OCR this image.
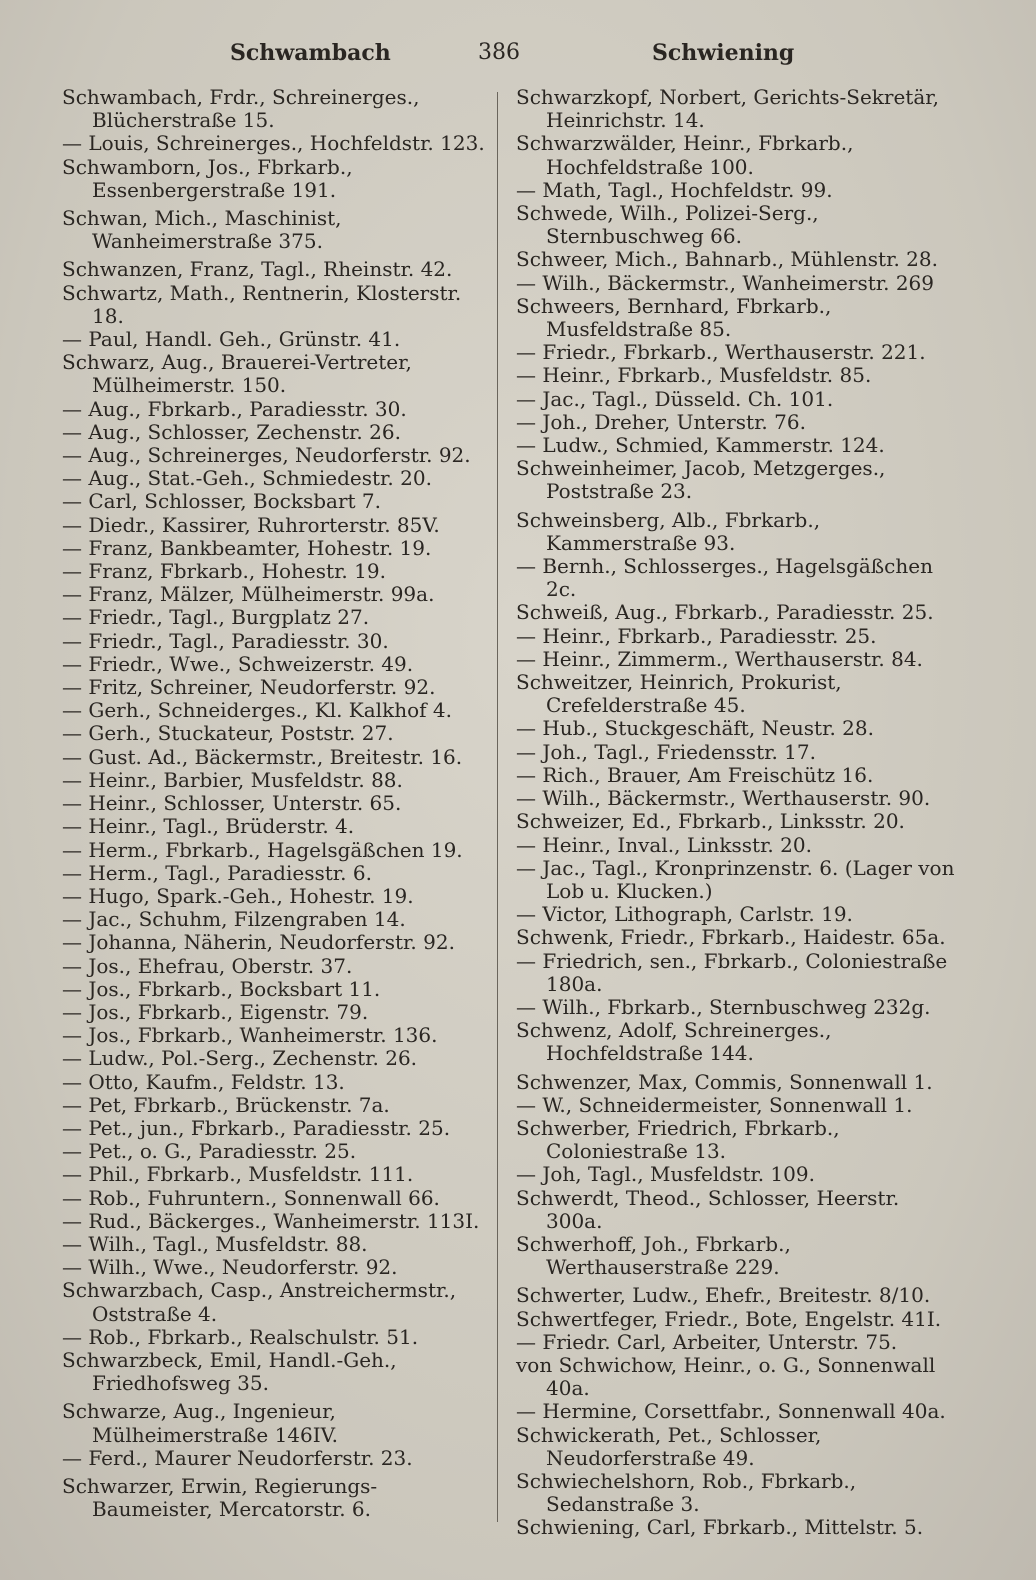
Schwambach	386	Schwiening

Schwambach, Frdr., Schreinerges., Blücherstraße 15.

— Louis, Schreinerges., Hochfeldstr. 123.

Schwamborn, Jos., Fbrkarb., Essenbergerstraße 191.

Schwan, Mich., Maschinist, Wanheimerstraße 375.

Schwanzen, Franz, Tagl., Rheinstr. 42.

Schwartz, Math., Rentnerin, Klosterstr. 18.

— Paul, Handl. Geh., Grünstr. 41.

Schwarz, Aug., Brauerei-Vertreter, Mülheimerstr. 150.

— Aug., Fbrkarb., Paradiesstr. 30.

— Aug., Schlosser, Zechenstr. 26.

— Aug., Schreinerges, Neudorferstr. 92.

— Aug., Stat.-Geh., Schmiedestr. 20.

— Carl, Schlosser, Bocksbart 7.

— Diedr., Kassirer, Ruhrorterstr. 85V.

— Franz, Bankbeamter, Hohestr. 19.

— Franz, Fbrkarb., Hohestr. 19.

— Franz, Mälzer, Mülheimerstr. 99a.

— Friedr., Tagl., Burgplatz 27.

— Friedr., Tagl., Paradiesstr. 30.

— Friedr., Wwe., Schweizerstr. 49.

— Fritz, Schreiner, Neudorferstr. 92.

— Gerh., Schneiderges., Kl. Kalkhof 4.

— Gerh., Stuckateur, Poststr. 27.

— Gust. Ad., Bäckermstr., Breitestr. 16.

— Heinr., Barbier, Musfeldstr. 88.

— Heinr., Schlosser, Unterstr. 65.

— Heinr., Tagl., Brüderstr. 4.

— Herm., Fbrkarb., Hagelsgäßchen 19.

— Herm., Tagl., Paradiesstr. 6.

— Hugo, Spark.-Geh., Hohestr. 19.

— Jac., Schuhm, Filzengraben 14.

— Johanna, Näherin, Neudorferstr. 92.

— Jos., Ehefrau, Oberstr. 37.

— Jos., Fbrkarb., Bocksbart 11.

— Jos., Fbrkarb., Eigenstr. 79.

— Jos., Fbrkarb., Wanheimerstr. 136.

— Ludw., Pol.-Serg., Zechenstr. 26.

— Otto, Kaufm., Feldstr. 13.

— Pet, Fbrkarb., Brückenstr. 7a.

— Pet., jun., Fbrkarb., Paradiesstr. 25.

— Pet., o. G., Paradiesstr. 25.

— Phil., Fbrkarb., Musfeldstr. 111.

— Rob., Fuhruntern., Sonnenwall 66.

— Rud., Bäckerges., Wanheimerstr. 113I.

— Wilh., Tagl., Musfeldstr. 88.

— Wilh., Wwe., Neudorferstr. 92.

Schwarzbach, Casp., Anstreichermstr., Oststraße 4.

— Rob., Fbrkarb., Realschulstr. 51.

Schwarzbeck, Emil, Handl.-Geh., Friedhofsweg 35.

Schwarze, Aug., Ingenieur, Mülheimerstraße 146IV.

— Ferd., Maurer Neudorferstr. 23.

Schwarzer, Erwin, Regierungs-Baumeister, Mercatorstr. 6.

Schwarzkopf, Norbert, Gerichts-Sekretär, Heinrichstr. 14.

Schwarzwälder, Heinr., Fbrkarb., Hochfeldstraße 100.

— Math, Tagl., Hochfeldstr. 99.

Schwede, Wilh., Polizei-Serg., Sternbuschweg 66.

Schweer, Mich., Bahnarb., Mühlenstr. 28.

— Wilh., Bäckermstr., Wanheimerstr. 269

Schweers, Bernhard, Fbrkarb., Musfeldstraße 85.

— Friedr., Fbrkarb., Werthauserstr. 221.

— Heinr., Fbrkarb., Musfeldstr. 85.

— Jac., Tagl., Düsseld. Ch. 101.

— Joh., Dreher, Unterstr. 76.

— Ludw., Schmied, Kammerstr. 124.

Schweinheimer, Jacob, Metzgerges., Poststraße 23.

Schweinsberg, Alb., Fbrkarb., Kammerstraße 93.

— Bernh., Schlosserges., Hagelsgäßchen 2c.

Schweiß, Aug., Fbrkarb., Paradiesstr. 25.

— Heinr., Fbrkarb., Paradiesstr. 25.

— Heinr., Zimmerm., Werthauserstr. 84.

Schweitzer, Heinrich, Prokurist, Crefelderstraße 45.

— Hub., Stuckgeschäft, Neustr. 28.

— Joh., Tagl., Friedensstr. 17.

— Rich., Brauer, Am Freischütz 16.

— Wilh., Bäckermstr., Werthauserstr. 90.

Schweizer, Ed., Fbrkarb., Linksstr. 20.

— Heinr., Inval., Linksstr. 20.

— Jac., Tagl., Kronprinzenstr. 6. (Lager von Lob u. Klucken.)

— Victor, Lithograph, Carlstr. 19.

Schwenk, Friedr., Fbrkarb., Haidestr. 65a.

— Friedrich, sen., Fbrkarb., Coloniestraße 180a.

— Wilh., Fbrkarb., Sternbuschweg 232g.

Schwenz, Adolf, Schreinerges., Hochfeldstraße 144.

Schwenzer, Max, Commis, Sonnenwall 1.

— W., Schneidermeister, Sonnenwall 1.

Schwerber, Friedrich, Fbrkarb., Coloniestraße 13.

— Joh, Tagl., Musfeldstr. 109.

Schwerdt, Theod., Schlosser, Heerstr. 300a.

Schwerhoff, Joh., Fbrkarb., Werthauserstraße 229.

Schwerter, Ludw., Ehefr., Breitestr. 8/10.

Schwertfeger, Friedr., Bote, Engelstr. 41I.

— Friedr. Carl, Arbeiter, Unterstr. 75.

von Schwichow, Heinr., o. G., Sonnenwall 40a.

— Hermine, Corsettfabr., Sonnenwall 40a.

Schwickerath, Pet., Schlosser, Neudorferstraße 49.

Schwiechelshorn, Rob., Fbrkarb., Sedanstraße 3.

Schwiening, Carl, Fbrkarb., Mittelstr. 5.
